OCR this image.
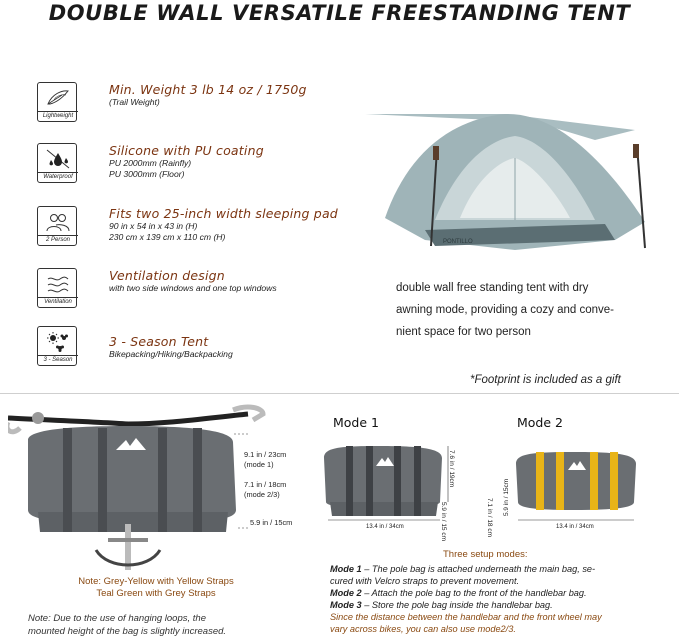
DOUBLE WALL VERSATILE FREESTANDING TENT
Lightweight
Min. Weight 3 lb 14 oz / 1750g
(Trail Weight)
Waterproof
Silicone with PU coating
PU 2000mm (Rainfly)
PU 3000mm (Floor)
2 Person
Fits two 25-inch width sleeping pad
90 in x 54 in x 43 in (H)
230 cm x 139 cm x 110 cm (H)
Ventilation
Ventilation design
with two side windows and one top windows
3 - Season
3 - Season Tent
Bikepacking/Hiking/Backpacking
PONTILLO
double wall free standing tent with dry
awning mode, providing a cozy and conve-
nient space for two person
*Footprint is included as a gift
9.1 in / 23cm
(mode 1)
7.1 in / 18cm
(mode 2/3)
5.9 in / 15cm
Note: Grey-Yellow with Yellow Straps
Teal Green with Grey Straps
Note: Due to the use of hanging loops, the
mounted height of the bag is slightly increased.
Mode 1
13.4 in / 34cm
7.6 in / 19cm
5.9 in / 15 cm
Mode 2
13.4 in / 34cm
5.9 in / 15cm
7.1 in / 18 cm
Three setup modes:
Mode 1 – The pole bag is attached underneath the main bag, se-
cured with Velcro straps to prevent movement.
Mode 2 – Attach the pole bag to the front of the handlebar bag.
Mode 3 – Store the pole bag inside the handlebar bag.
Since the distance between the handlebar and the front wheel may
vary across bikes, you can also use mode2/3.
